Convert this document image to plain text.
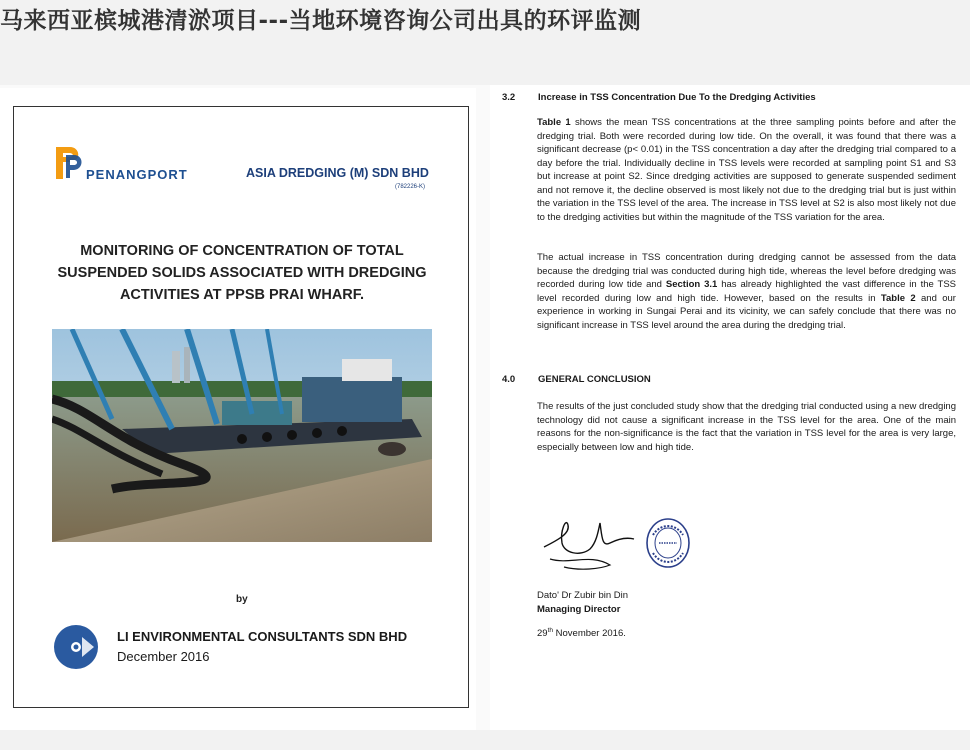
马来西亚槟城港清淤项目---当地环境咨询公司出具的环评监测
PENANGPORT	ASIA DREDGING (M) SDN BHD
(782226-K)
MONITORING OF CONCENTRATION OF TOTAL SUSPENDED SOLIDS ASSOCIATED WITH DREDGING ACTIVITIES AT PPSB PRAI WHARF.
by
LI ENVIRONMENTAL CONSULTANTS SDN BHD
December 2016
3.2 Increase in TSS Concentration Due To the Dredging Activities
Table 1 shows the mean TSS concentrations at the three sampling points before and after the dredging trial. Both were recorded during low tide. On the overall, it was found that there was a significant decrease (p< 0.01) in the TSS concentration a day after the dredging trial compared to a day before the trial. Individually decline in TSS levels were recorded at sampling point S1 and S3 but increase at point S2. Since dredging activities are supposed to generate suspended sediment and not remove it, the decline observed is most likely not due to the dredging trial but is just within the variation in the TSS level of the area. The increase in TSS level at S2 is also most likely not due to the dredging activities but within the magnitude of the TSS variation for the area.
The actual increase in TSS concentration during dredging cannot be assessed from the data because the dredging trial was conducted during high tide, whereas the level before dredging was recorded during low tide and Section 3.1 has already highlighted the vast difference in the TSS level recorded during low and high tide. However, based on the results in Table 2 and our experience in working in Sungai Perai and its vicinity, we can safely conclude that there was no significant increase in TSS level around the area during the dredging trial.
4.0 GENERAL CONCLUSION
The results of the just concluded study show that the dredging trial conducted using a new dredging technology did not cause a significant increase in the TSS level for the area. One of the main reasons for the non-significance is the fact that the variation in TSS level for the area is very large, especially between low and high tide.
Dato' Dr Zubir bin Din
Managing Director
29th November 2016.
